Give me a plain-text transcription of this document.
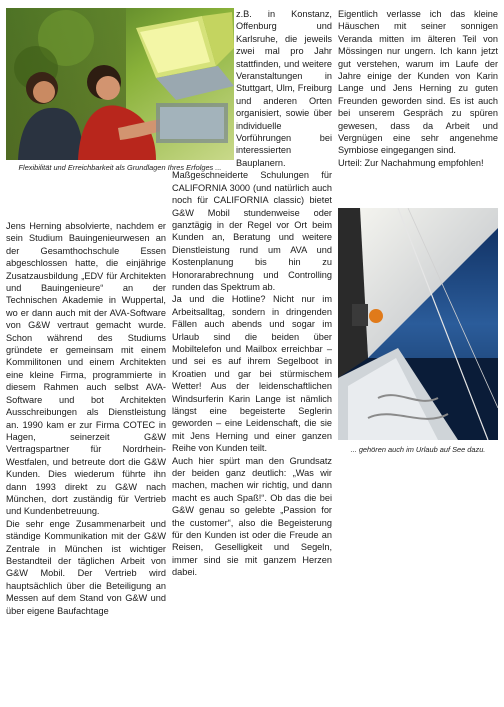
Flexibilität und Erreichbarkeit als Grundlagen Ihres Erfolges ...

Jens Herning absolvierte, nachdem er sein Studium Bauingenieurwesen an der Gesamthochschule Essen abgeschlossen hatte, die einjährige Zusatzausbildung „EDV für Architekten und Bauingenieure“ an der Technischen Akademie in Wuppertal, wo er dann auch mit der AVA-Software von G&W vertraut gemacht wurde. Schon während des Studiums gründete er gemeinsam mit einem Kommilitonen und einem Architekten eine kleine Firma, programmierte in diesem Rahmen auch selbst AVA-Software und bot Architekten Ausschreibungen als Dienstleistung an. 1990 kam er zur Firma COTEC in Hagen, seinerzeit G&W Vertragspartner für Nordrhein-Westfalen, und betreute dort die G&W Kunden. Dies wiederum führte ihn dann 1993 direkt zu G&W nach München, dort zuständig für Vertrieb und Kundenbetreuung.

Die sehr enge Zusammenarbeit und ständige Kommunikation mit der G&W Zentrale in München ist wichtiger Bestandteil der täglichen Arbeit von G&W Mobil. Der Vertrieb wird hauptsächlich über die Beteiligung an Messen auf dem Stand von G&W und über eigene Baufachtage

z.B. in Konstanz, Offenburg und Karlsruhe, die jeweils zwei mal pro Jahr stattfinden, und weitere Veranstaltungen in Stuttgart, Ulm, Freiburg und anderen Orten organisiert, sowie über individuelle Vorführungen bei interessierten Bauplanern.

Maßgeschneiderte Schulungen für CALIFORNIA 3000 (und natürlich auch noch für CALIFORNIA classic) bietet G&W Mobil stundenweise oder ganztägig in der Regel vor Ort beim Kunden an, Beratung und weitere Dienstleistung rund um AVA und Kostenplanung bis hin zu Honorarabrechnung und Controlling runden das Spektrum ab.

Ja und die Hotline? Nicht nur im Arbeitsalltag, sondern in dringenden Fällen auch abends und sogar im Urlaub sind die beiden über Mobiltelefon und Mailbox erreichbar – und sei es auf ihrem Segelboot in Kroatien und gar bei stürmischem Wetter! Aus der leidenschaftlichen Windsurferin Karin Lange ist nämlich längst eine begeisterte Seglerin geworden – eine Leidenschaft, die sie mit Jens Herning und einer ganzen Reihe von Kunden teilt.

Auch hier spürt man den Grundsatz der beiden ganz deutlich: „Was wir machen, machen wir richtig, und dann macht es auch Spaß!“. Ob das die bei G&W genau so gelebte „Passion for the customer“, also die Begeisterung für den Kunden ist oder die Freude an Reisen, Geselligkeit und Segeln, immer sind sie mit ganzem Herzen dabei.

Eigentlich verlasse ich das kleine Häuschen mit seiner sonnigen Veranda mitten im älteren Teil von Mössingen nur ungern. Ich kann jetzt gut verstehen, warum im Laufe der Jahre einige der Kunden von Karin Lange und Jens Herning zu guten Freunden geworden sind. Es ist auch bei unserem Gespräch zu spüren gewesen, dass da Arbeit und Vergnügen eine sehr angenehme Symbiose eingegangen sind.

Urteil: Zur Nachahmung empfohlen!

... gehören auch im Urlaub auf See dazu.
